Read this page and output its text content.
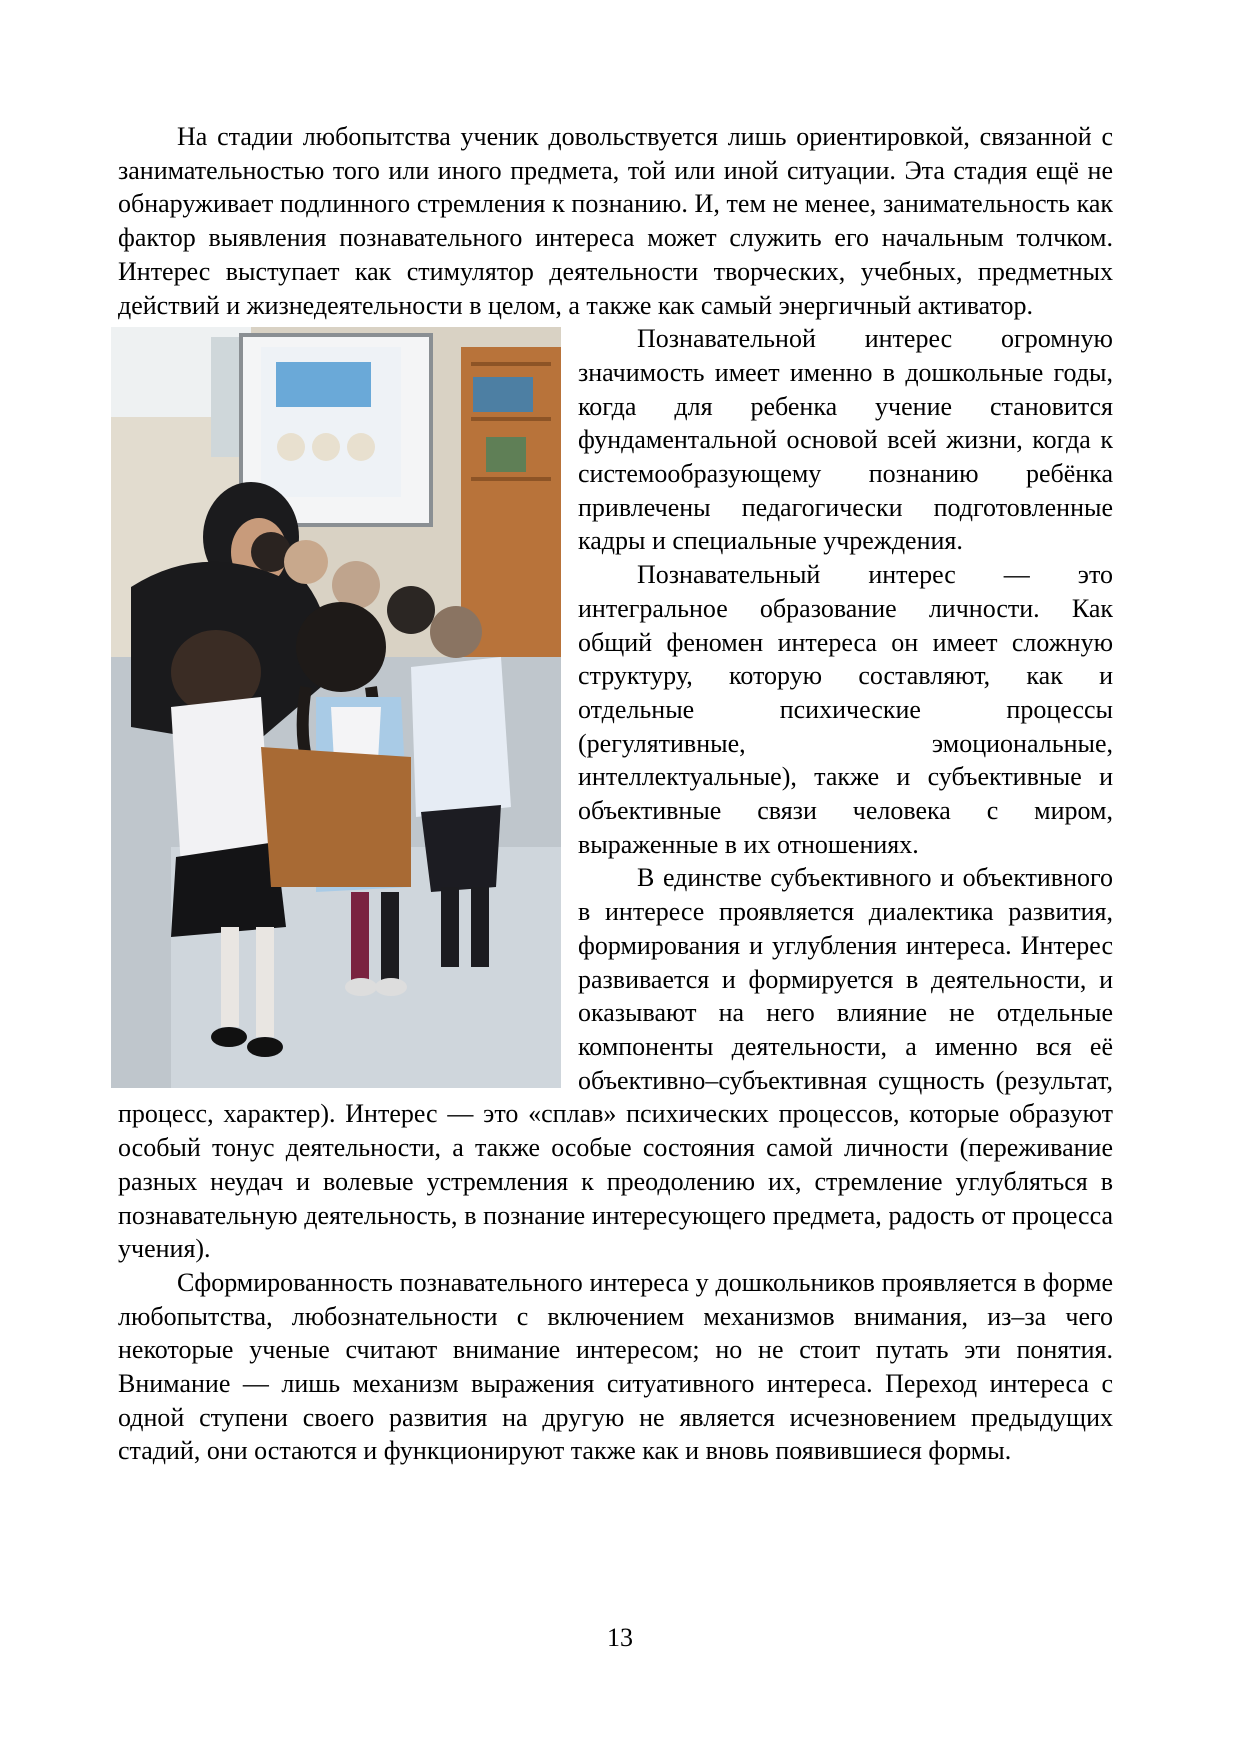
На стадии любопытства ученик довольствуется лишь ориентировкой, связанной с занимательностью того или иного предмета, той или иной ситуации. Эта стадия ещё не обнаруживает подлинного стремления к познанию. И, тем не менее, занимательность как фактор выявления познавательного интереса может служить его начальным толчком. Интерес выступает как стимулятор деятельности творческих, учебных, предметных действий и жизнедеятельности в целом, а также как самый энергичный активатор.

Познавательной интерес огромную значимость имеет именно в дошкольные годы, когда для ребенка учение становится фундаментальной основой всей жизни, когда к системообразующему познанию ребёнка привлечены педагогически подготовленные кадры и специальные учреждения.

Познавательный интерес — это интегральное образование личности. Как общий феномен интереса он имеет сложную структуру, которую составляют, как и отдельные психические процессы (регулятивные, эмоциональные, интеллектуальные), также и субъективные и объективные связи человека с миром, выраженные в их отношениях.

В единстве субъективного и объективного в интересе проявляется диалектика развития, формирования и углубления интереса. Интерес развивается и формируется в деятельности, и оказывают на него влияние не отдельные компоненты деятельности, а именно вся её объективно–субъективная сущность (результат, процесс, характер). Интерес — это «сплав» психических процессов, которые образуют особый тонус деятельности, а также особые состояния самой личности (переживание разных неудач и волевые устремления к преодолению их, стремление углубляться в познавательную деятельность, в познание интересующего предмета, радость от процесса учения).

Сформированность познавательного интереса у дошкольников проявляется в форме любопытства, любознательности с включением механизмов внимания, из–за чего некоторые ученые считают внимание интересом; но не стоит путать эти понятия. Внимание — лишь механизм выражения ситуативного интереса. Переход интереса с одной ступени своего развития на другую не является исчезновением предыдущих стадий, они остаются и функционируют также как и вновь появившиеся формы.

13
